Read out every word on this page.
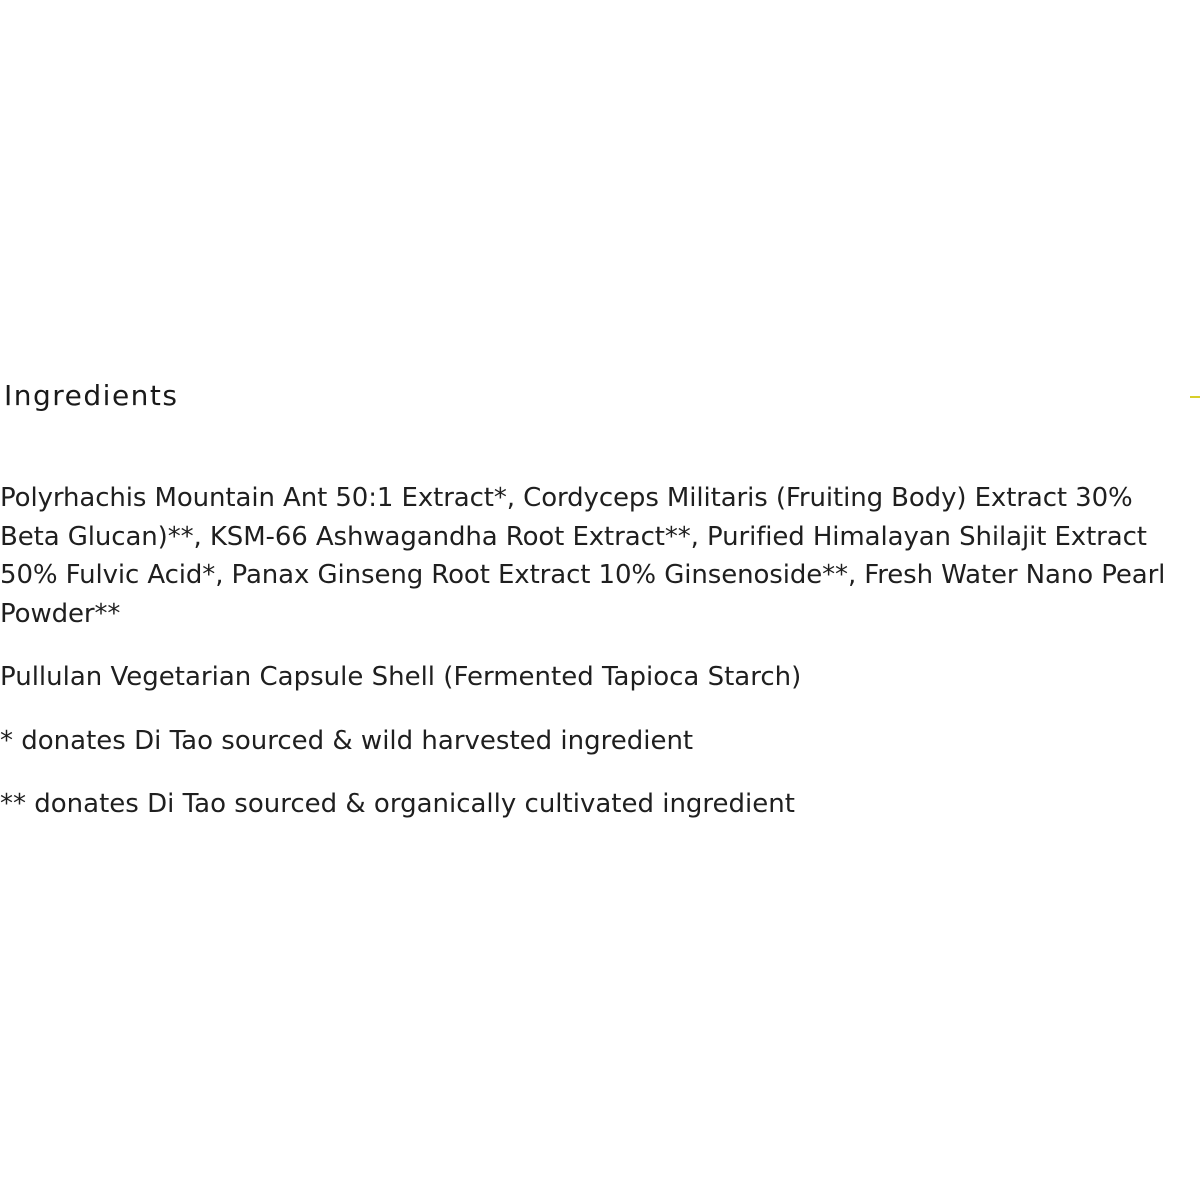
Ingredients

Polyrhachis Mountain Ant 50:1 Extract*, Cordyceps Militaris (Fruiting Body) Extract 30% Beta Glucan)**, KSM-66 Ashwagandha Root Extract**, Purified Himalayan Shilajit Extract 50% Fulvic Acid*, Panax Ginseng Root Extract 10% Ginsenoside**, Fresh Water Nano Pearl Powder**

Pullulan Vegetarian Capsule Shell (Fermented Tapioca Starch)

* donates Di Tao sourced & wild harvested ingredient

** donates Di Tao sourced & organically cultivated ingredient
